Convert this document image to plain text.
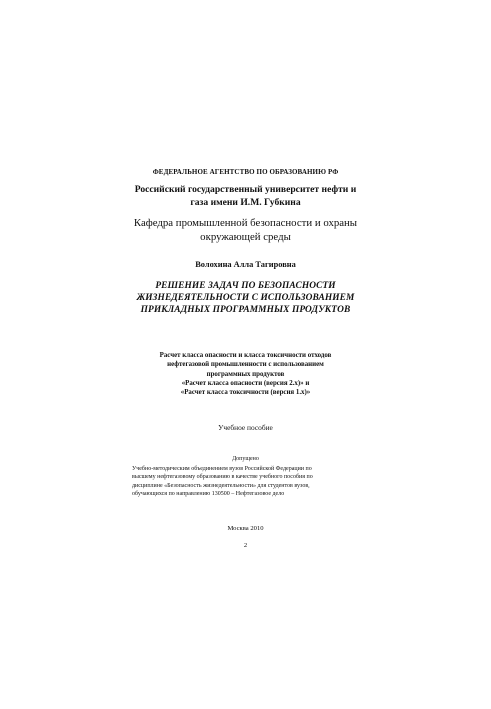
ФЕДЕРАЛЬНОЕ АГЕНТСТВО ПО ОБРАЗОВАНИЮ РФ
Российский государственный университет нефти и
газа имени И.М. Губкина
Кафедра промышленной безопасности и охраны
окружающей среды
Волохина Алла Тагировна
РЕШЕНИЕ ЗАДАЧ ПО БЕЗОПАСНОСТИ
ЖИЗНЕДЕЯТЕЛЬНОСТИ С ИСПОЛЬЗОВАНИЕМ
ПРИКЛАДНЫХ ПРОГРАММНЫХ ПРОДУКТОВ
Расчет класса опасности и класса токсичности отходов
нефтегазовой промышленности с использованием
программных продуктов
«Расчет класса опасности (версия 2.х)» и
«Расчет класса токсичности (версия 1.х)»
Учебное пособие
Допущено
Учебно-методическим объединением вузов Российской Федерации по
высшему нефтегазовому образованию в качестве учебного пособия по
дисциплине «Безопасность жизнедеятельности» для студентов вузов,
обучающихся по направлению 130500 – Нефтегазовое дело
Москва 2010
2
